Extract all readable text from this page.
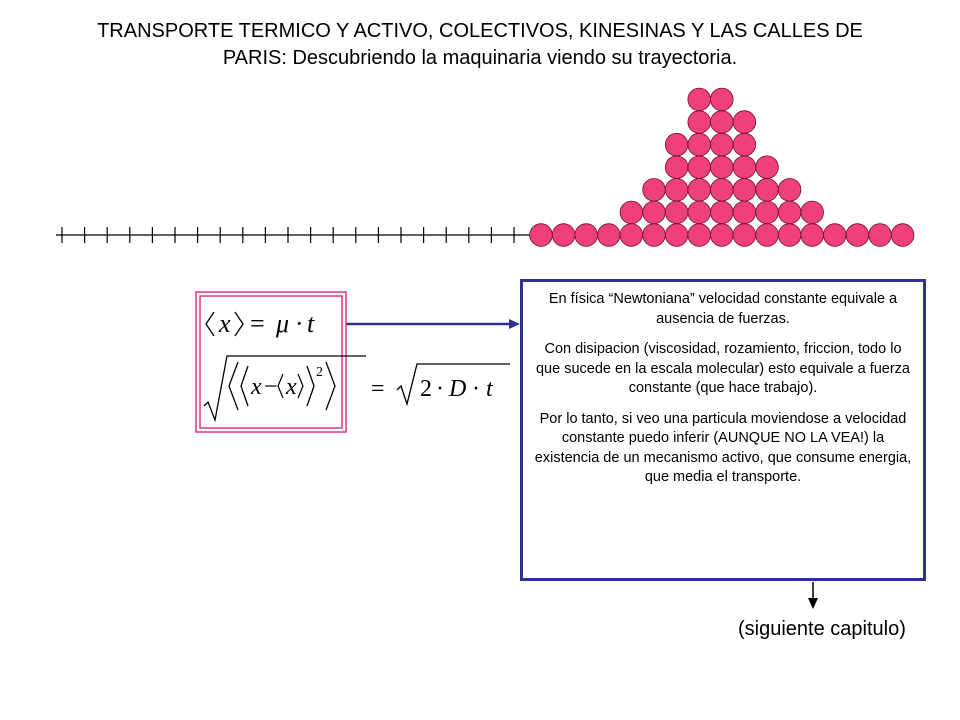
TRANSPORTE TERMICO Y ACTIVO, COLECTIVOS, KINESINAS Y LAS CALLES DE PARIS: Descubriendo la maquinaria viendo su trayectoria.
x = μ · t
x − x
2
= 2 · D · t

En física “Newtoniana” velocidad constante equivale a ausencia de fuerzas.

Con disipacion (viscosidad, rozamiento, friccion, todo lo que sucede en la escala molecular) esto equivale a fuerza constante (que hace trabajo).

Por lo tanto, si veo una particula moviendose a velocidad constante puedo inferir (AUNQUE NO LA VEA!) la existencia de un mecanismo activo, que consume energia, que media el transporte.

(siguiente capitulo)
